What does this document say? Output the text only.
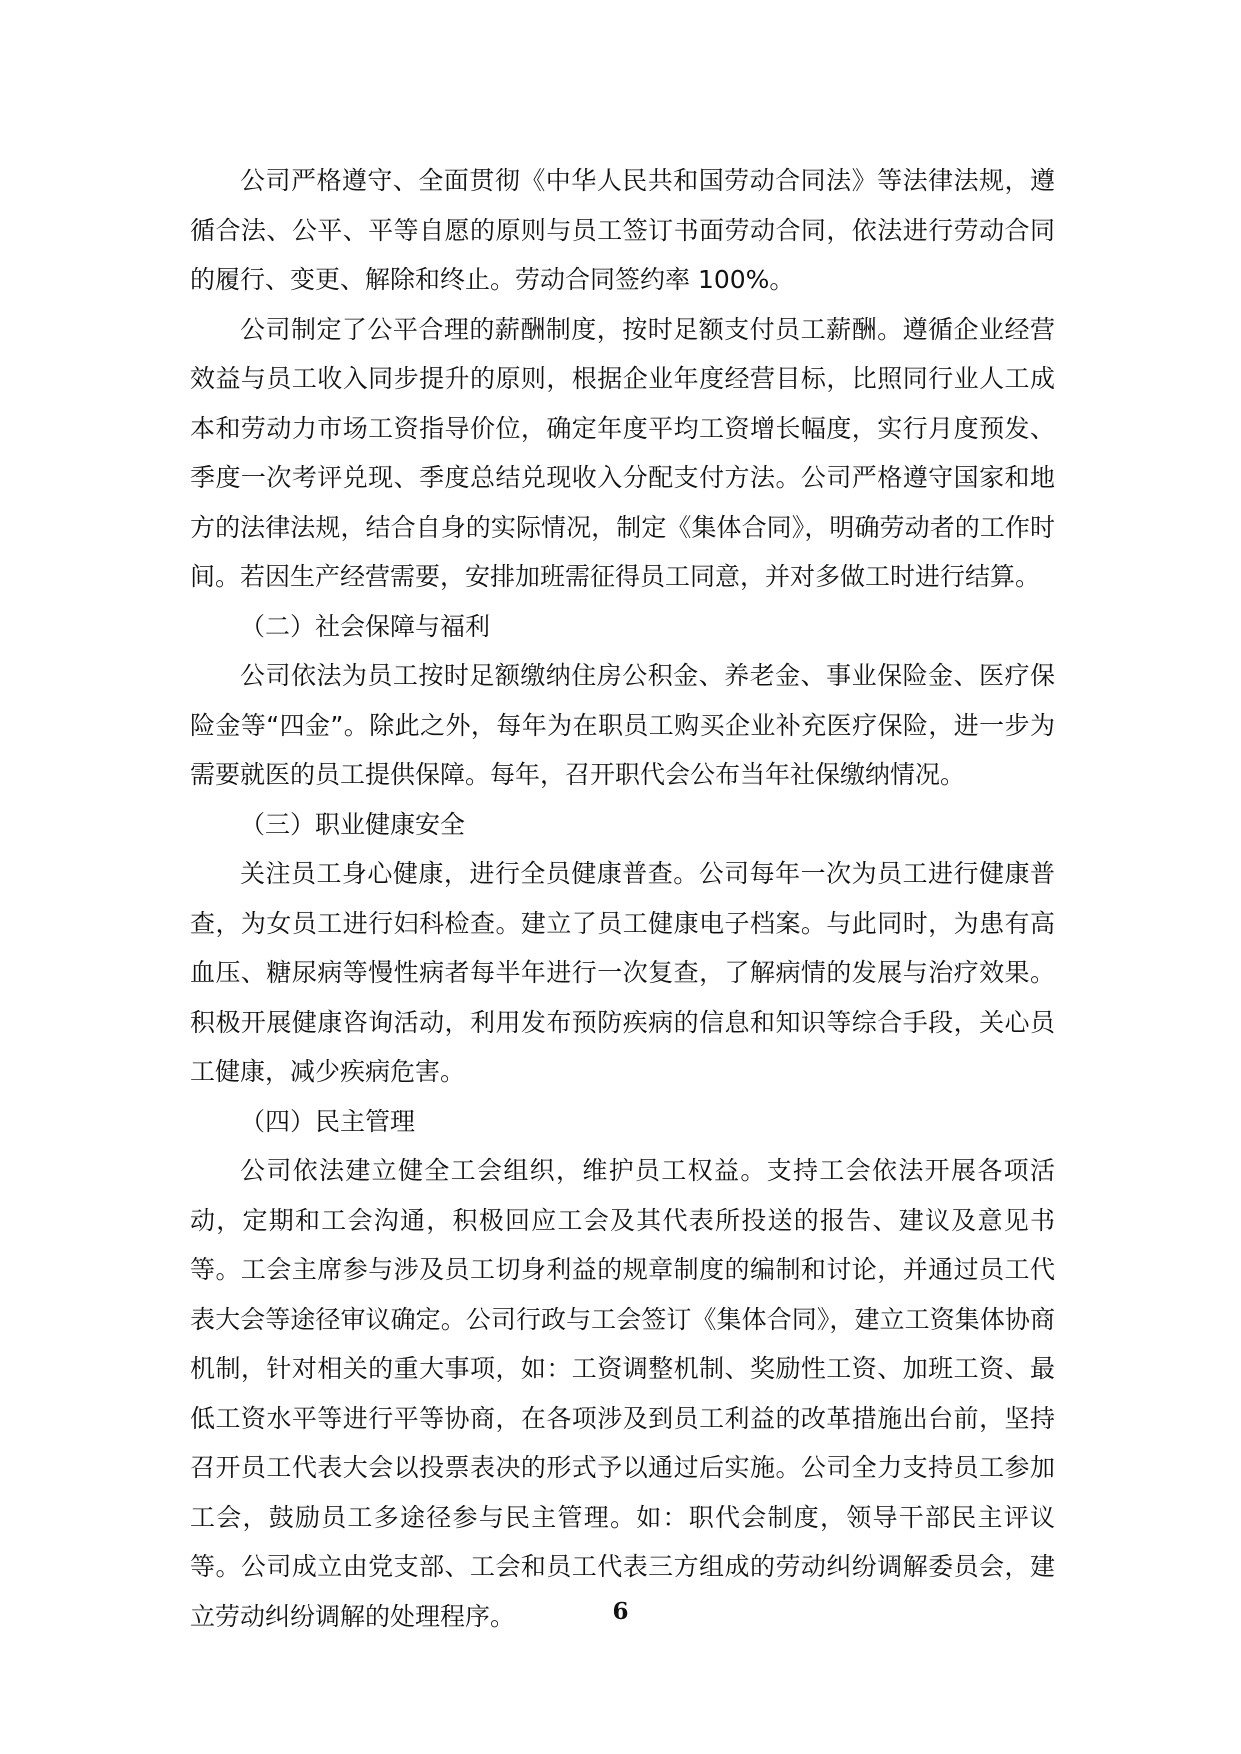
公司严格遵守、全面贯彻《中华人民共和国劳动合同法》等法律法规，遵循合法、公平、平等自愿的原则与员工签订书面劳动合同，依法进行劳动合同的履行、变更、解除和终止。劳动合同签约率 100%。

公司制定了公平合理的薪酬制度，按时足额支付员工薪酬。遵循企业经营效益与员工收入同步提升的原则，根据企业年度经营目标，比照同行业人工成本和劳动力市场工资指导价位，确定年度平均工资增长幅度，实行月度预发、季度一次考评兑现、季度总结兑现收入分配支付方法。公司严格遵守国家和地方的法律法规，结合自身的实际情况，制定《集体合同》，明确劳动者的工作时间。若因生产经营需要，安排加班需征得员工同意，并对多做工时进行结算。

（二）社会保障与福利

公司依法为员工按时足额缴纳住房公积金、养老金、事业保险金、医疗保险金等“四金”。除此之外，每年为在职员工购买企业补充医疗保险，进一步为需要就医的员工提供保障。每年，召开职代会公布当年社保缴纳情况。

（三）职业健康安全

关注员工身心健康，进行全员健康普查。公司每年一次为员工进行健康普查，为女员工进行妇科检查。建立了员工健康电子档案。与此同时，为患有高血压、糖尿病等慢性病者每半年进行一次复查，了解病情的发展与治疗效果。积极开展健康咨询活动，利用发布预防疾病的信息和知识等综合手段，关心员工健康，减少疾病危害。

（四）民主管理

公司依法建立健全工会组织，维护员工权益。支持工会依法开展各项活动，定期和工会沟通，积极回应工会及其代表所投送的报告、建议及意见书等。工会主席参与涉及员工切身利益的规章制度的编制和讨论，并通过员工代表大会等途径审议确定。公司行政与工会签订《集体合同》，建立工资集体协商机制，针对相关的重大事项，如：工资调整机制、奖励性工资、加班工资、最低工资水平等进行平等协商，在各项涉及到员工利益的改革措施出台前，坚持召开员工代表大会以投票表决的形式予以通过后实施。公司全力支持员工参加工会，鼓励员工多途径参与民主管理。如：职代会制度，领导干部民主评议等。公司成立由党支部、工会和员工代表三方组成的劳动纠纷调解委员会，建立劳动纠纷调解的处理程序。	6
